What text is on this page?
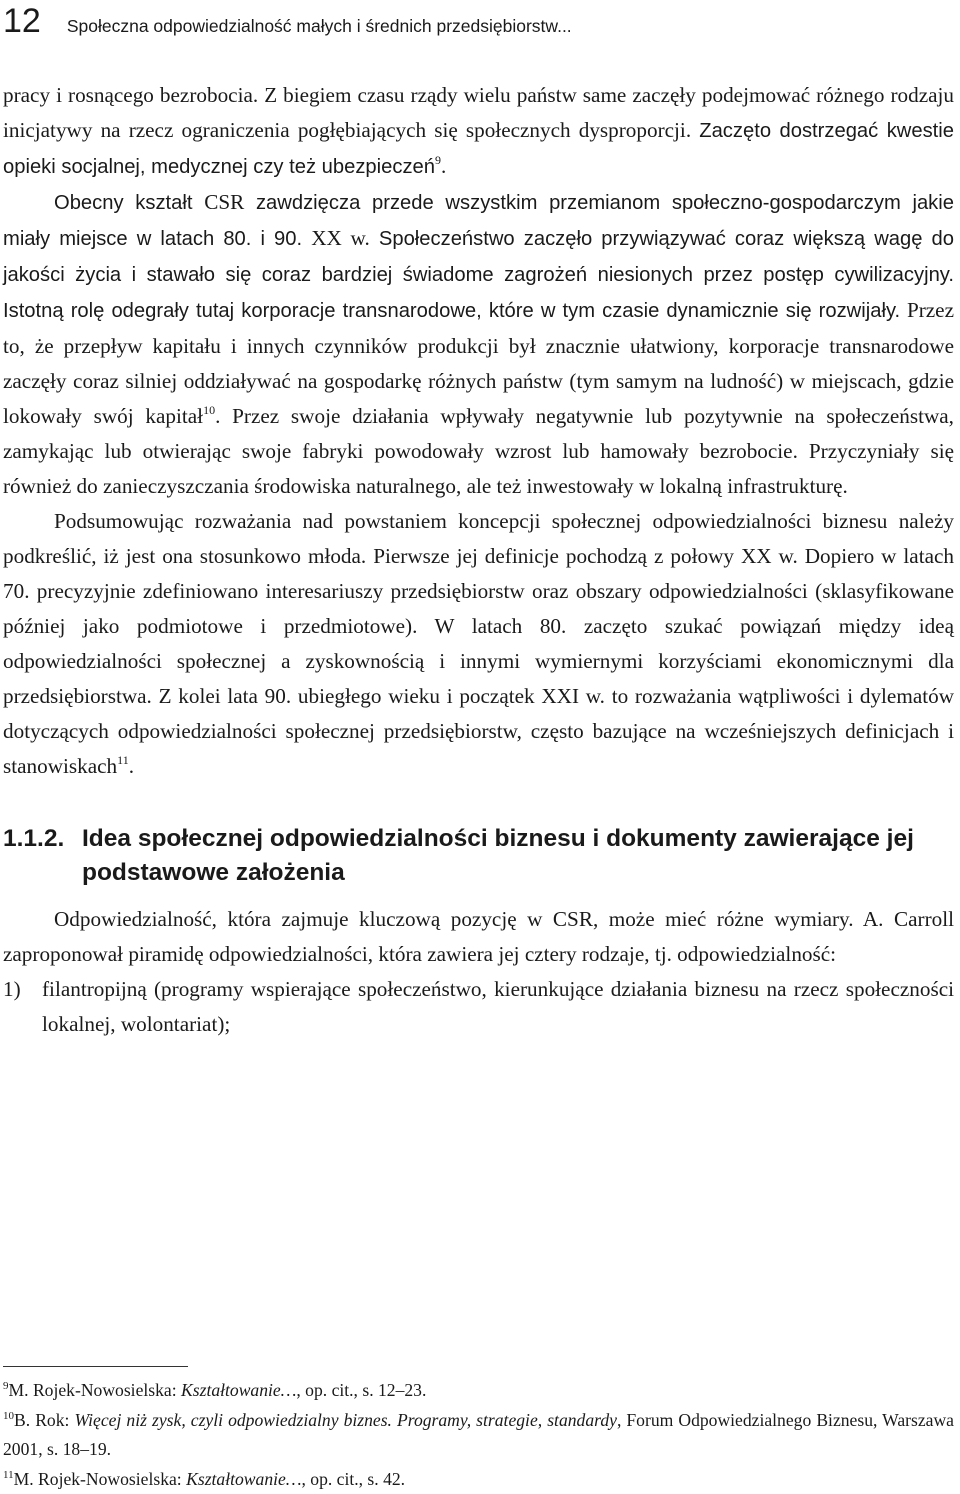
12 Społeczna odpowiedzialność małych i średnich przedsiębiorstw...

pracy i rosnącego bezrobocia. Z biegiem czasu rządy wielu państw same zaczęły podejmować różnego rodzaju inicjatywy na rzecz ograniczenia pogłębiających się społecznych dysproporcji. Zaczęto dostrzegać kwestie opieki socjalnej, medycznej czy też ubezpieczeń$^9$.

Obecny kształt CSR zawdzięcza przede wszystkim przemianom społeczno-gospodarczym jakie miały miejsce w latach 80. i 90. XX w. Społeczeństwo zaczęło przywiązywać coraz większą wagę do jakości życia i stawało się coraz bardziej świadome zagrożeń niesionych przez postęp cywilizacyjny. Istotną rolę odegrały tutaj korporacje transnarodowe, które w tym czasie dynamicznie się rozwijały. Przez to, że przepływ kapitału i innych czynników produkcji był znacznie ułatwiony, korporacje transnarodowe zaczęły coraz silniej oddziaływać na gospodarkę różnych państw (tym samym na ludność) w miejscach, gdzie lokowały swój kapitał$^{10}$. Przez swoje działania wpływały negatywnie lub pozytywnie na społeczeństwa, zamykając lub otwierając swoje fabryki powodowały wzrost lub hamowały bezrobocie. Przyczyniały się również do zanieczyszczania środowiska naturalnego, ale też inwestowały w lokalną infrastrukturę.

Podsumowując rozważania nad powstaniem koncepcji społecznej odpowiedzialności biznesu należy podkreślić, iż jest ona stosunkowo młoda. Pierwsze jej definicje pochodzą z połowy XX w. Dopiero w latach 70. precyzyjnie zdefiniowano interesariuszy przedsiębiorstw oraz obszary odpowiedzialności (sklasyfikowane później jako podmiotowe i przedmiotowe). W latach 80. zaczęto szukać powiązań między ideą odpowiedzialności społecznej a zyskownością i innymi wymiernymi korzyściami ekonomicznymi dla przedsiębiorstwa. Z kolei lata 90. ubiegłego wieku i początek XXI w. to rozważania wątpliwości i dylematów dotyczących odpowiedzialności społecznej przedsiębiorstw, często bazujące na wcześniejszych definicjach i stanowiskach$^{11}$.

1.1.2. Idea społecznej odpowiedzialności biznesu i dokumenty zawierające jej podstawowe założenia

Odpowiedzialność, która zajmuje kluczową pozycję w CSR, może mieć różne wymiary. A. Carroll zaproponował piramidę odpowiedzialności, która zawiera jej cztery rodzaje, tj. odpowiedzialność:

1)	filantropijną (programy wspierające społeczeństwo, kierunkujące działania biznesu na rzecz społeczności lokalnej, wolontariat);

$^9$M. Rojek-Nowosielska: Kształtowanie…, op. cit., s. 12–23.

$^{10}$B. Rok: Więcej niż zysk, czyli odpowiedzialny biznes. Programy, strategie, standardy, Forum Odpowiedzialnego Biznesu, Warszawa 2001, s. 18–19.

$^{11}$M. Rojek-Nowosielska: Kształtowanie…, op. cit., s. 42.
